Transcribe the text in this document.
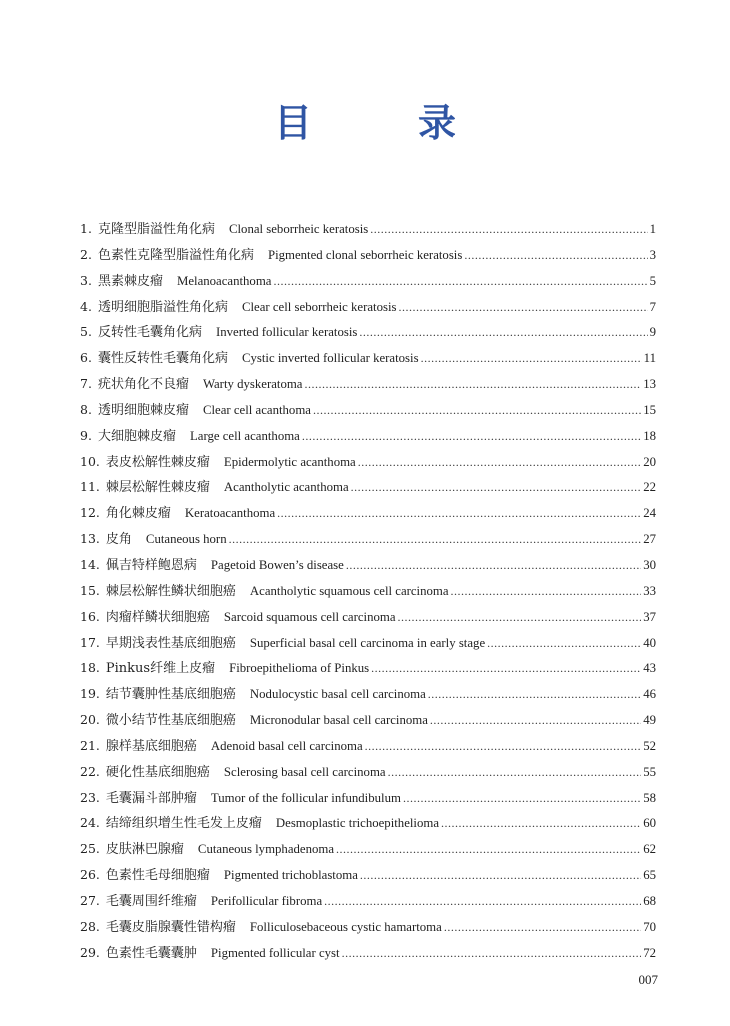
目　录
1. 克隆型脂溢性角化病 Clonal seborrheic keratosis .....	1
2. 色素性克隆型脂溢性角化病 Pigmented clonal seborrheic keratosis .....	3
3. 黑素棘皮瘤 Melanoacanthoma .....	5
4. 透明细胞脂溢性角化病 Clear cell seborrheic keratosis .....	7
5. 反转性毛囊角化病 Inverted follicular keratosis .....	9
6. 囊性反转性毛囊角化病 Cystic inverted follicular keratosis .....	11
7. 疣状角化不良瘤 Warty dyskeratoma .....	13
8. 透明细胞棘皮瘤 Clear cell acanthoma .....	15
9. 大细胞棘皮瘤 Large cell acanthoma .....	18
10. 表皮松解性棘皮瘤 Epidermolytic acanthoma .....	20
11. 棘层松解性棘皮瘤 Acantholytic acanthoma .....	22
12. 角化棘皮瘤 Keratoacanthoma .....	24
13. 皮角 Cutaneous horn .....	27
14. 佩吉特样鲍恩病 Pagetoid Bowen’s disease .....	30
15. 棘层松解性鳞状细胞癌 Acantholytic squamous cell carcinoma .....	33
16. 肉瘤样鳞状细胞癌 Sarcoid squamous cell carcinoma .....	37
17. 早期浅表性基底细胞癌 Superficial basal cell carcinoma in early stage .....	40
18. Pinkus纤维上皮瘤 Fibroepithelioma of Pinkus .....	43
19. 结节囊肿性基底细胞癌 Nodulocystic basal cell carcinoma .....	46
20. 微小结节性基底细胞癌 Micronodular basal cell carcinoma .....	49
21. 腺样基底细胞癌 Adenoid basal cell carcinoma .....	52
22. 硬化性基底细胞癌 Sclerosing basal cell carcinoma .....	55
23. 毛囊漏斗部肿瘤 Tumor of the follicular infundibulum .....	58
24. 结缔组织增生性毛发上皮瘤 Desmoplastic trichoepithelioma .....	60
25. 皮肤淋巴腺瘤 Cutaneous lymphadenoma .....	62
26. 色素性毛母细胞瘤 Pigmented trichoblastoma .....	65
27. 毛囊周围纤维瘤 Perifollicular fibroma .....	68
28. 毛囊皮脂腺囊性错构瘤 Folliculosebaceous cystic hamartoma .....	70
29. 色素性毛囊囊肿 Pigmented follicular cyst .....	72
007
